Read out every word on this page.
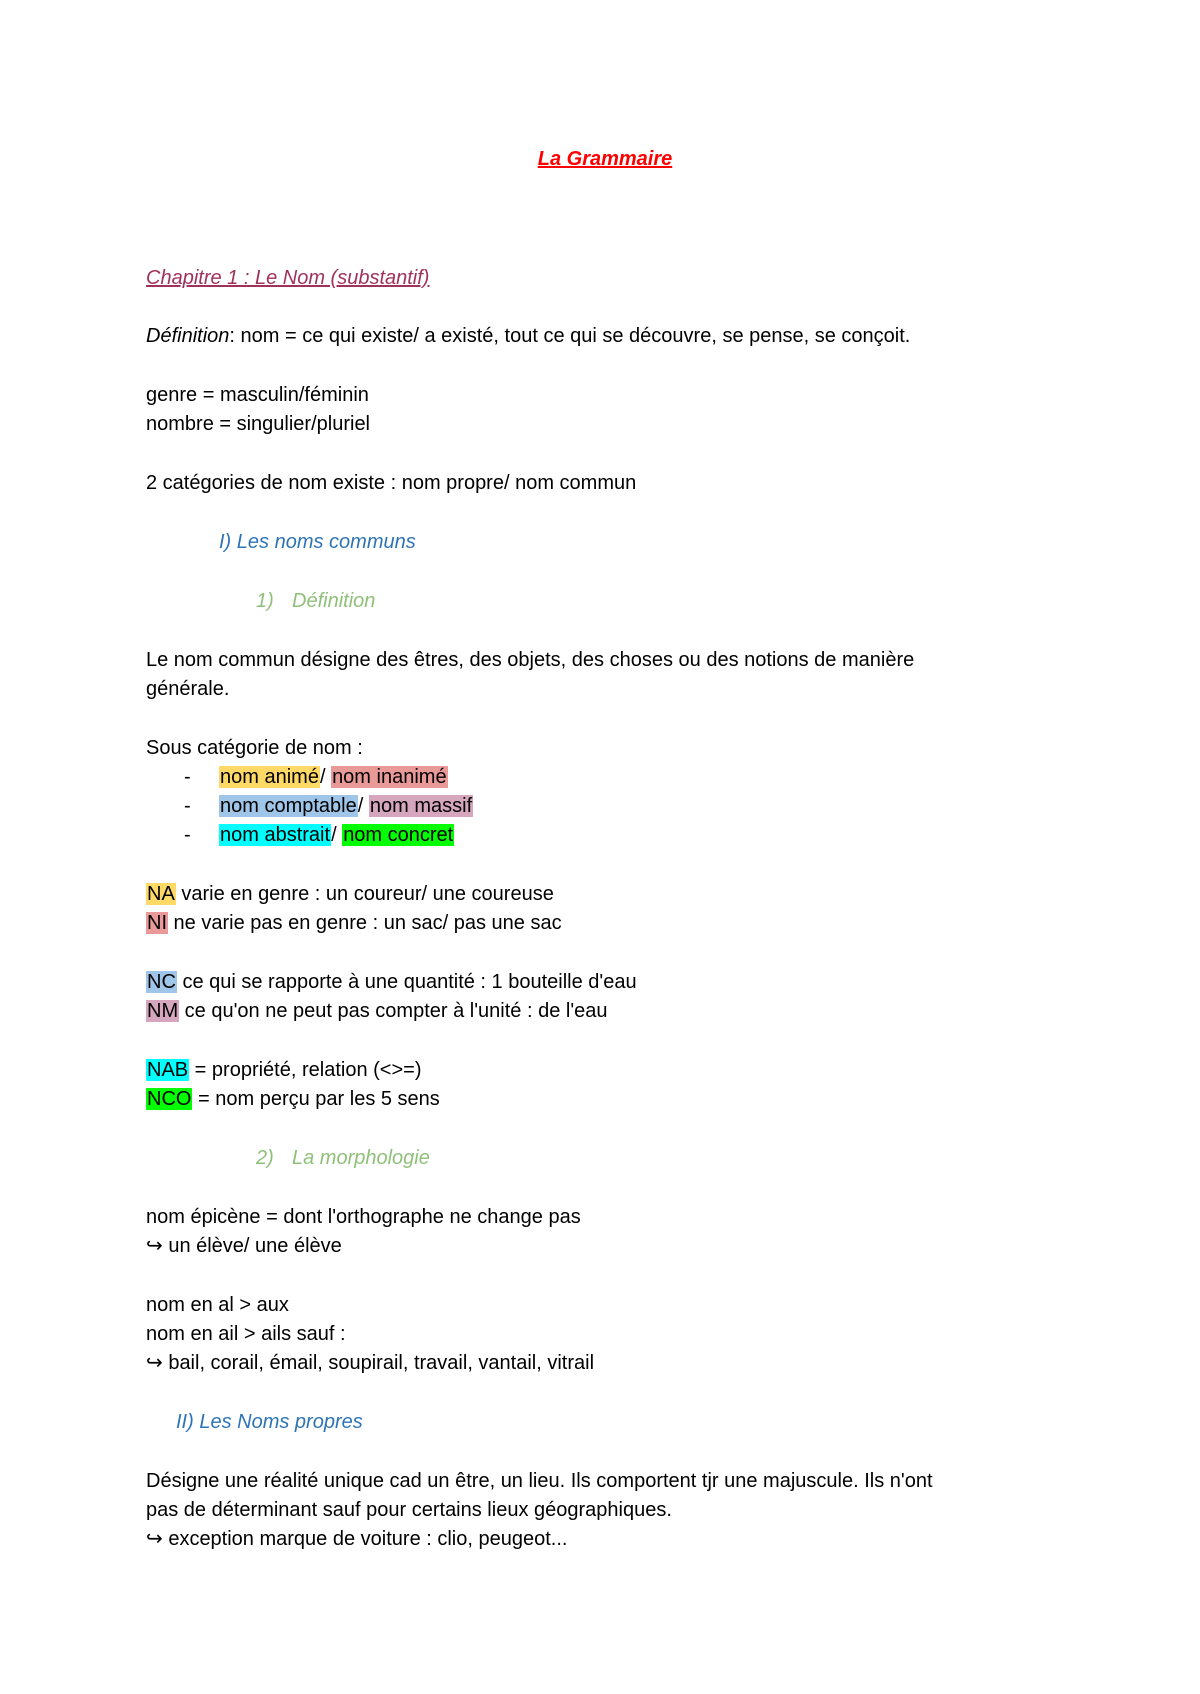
La Grammaire
Chapitre 1 : Le Nom (substantif)
Définition: nom = ce qui existe/ a existé, tout ce qui se découvre, se pense, se conçoit.
genre = masculin/féminin
nombre = singulier/pluriel
2 catégories de nom existe : nom propre/ nom commun
I) Les noms communs
1) Définition
Le nom commun désigne des êtres, des objets, des choses ou des notions de manière
générale.
Sous catégorie de nom :
- nom animé/ nom inanimé
- nom comptable/ nom massif
- nom abstrait/ nom concret
NA varie en genre : un coureur/ une coureuse
NI ne varie pas en genre : un sac/ pas une sac
NC ce qui se rapporte à une quantité : 1 bouteille d'eau
NM ce qu'on ne peut pas compter à l'unité : de l'eau
NAB = propriété, relation (<>=)
NCO = nom perçu par les 5 sens
2) La morphologie
nom épicène = dont l'orthographe ne change pas
↪ un élève/ une élève
nom en al > aux
nom en ail > ails sauf :
↪ bail, corail, émail, soupirail, travail, vantail, vitrail
II) Les Noms propres
Désigne une réalité unique cad un être, un lieu. Ils comportent tjr une majuscule. Ils n'ont
pas de déterminant sauf pour certains lieux géographiques.
↪ exception marque de voiture : clio, peugeot...
